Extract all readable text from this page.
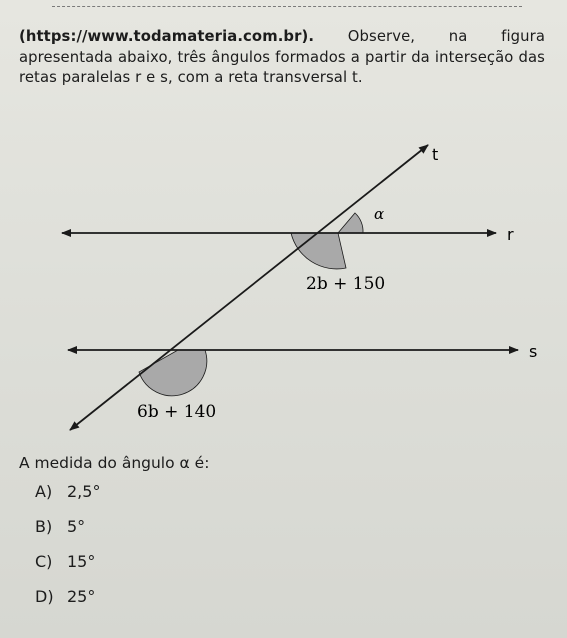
(https://www.todamateria.com.br). Observe, na figura apresentada abaixo, três ângulos formados a partir da interseção das retas paralelas r e s, com a reta transversal t.

t
r
s
α
2b + 150
6b + 140
A medida do ângulo α é:
A) 2,5°
B) 5°
C) 15°
D) 25°
